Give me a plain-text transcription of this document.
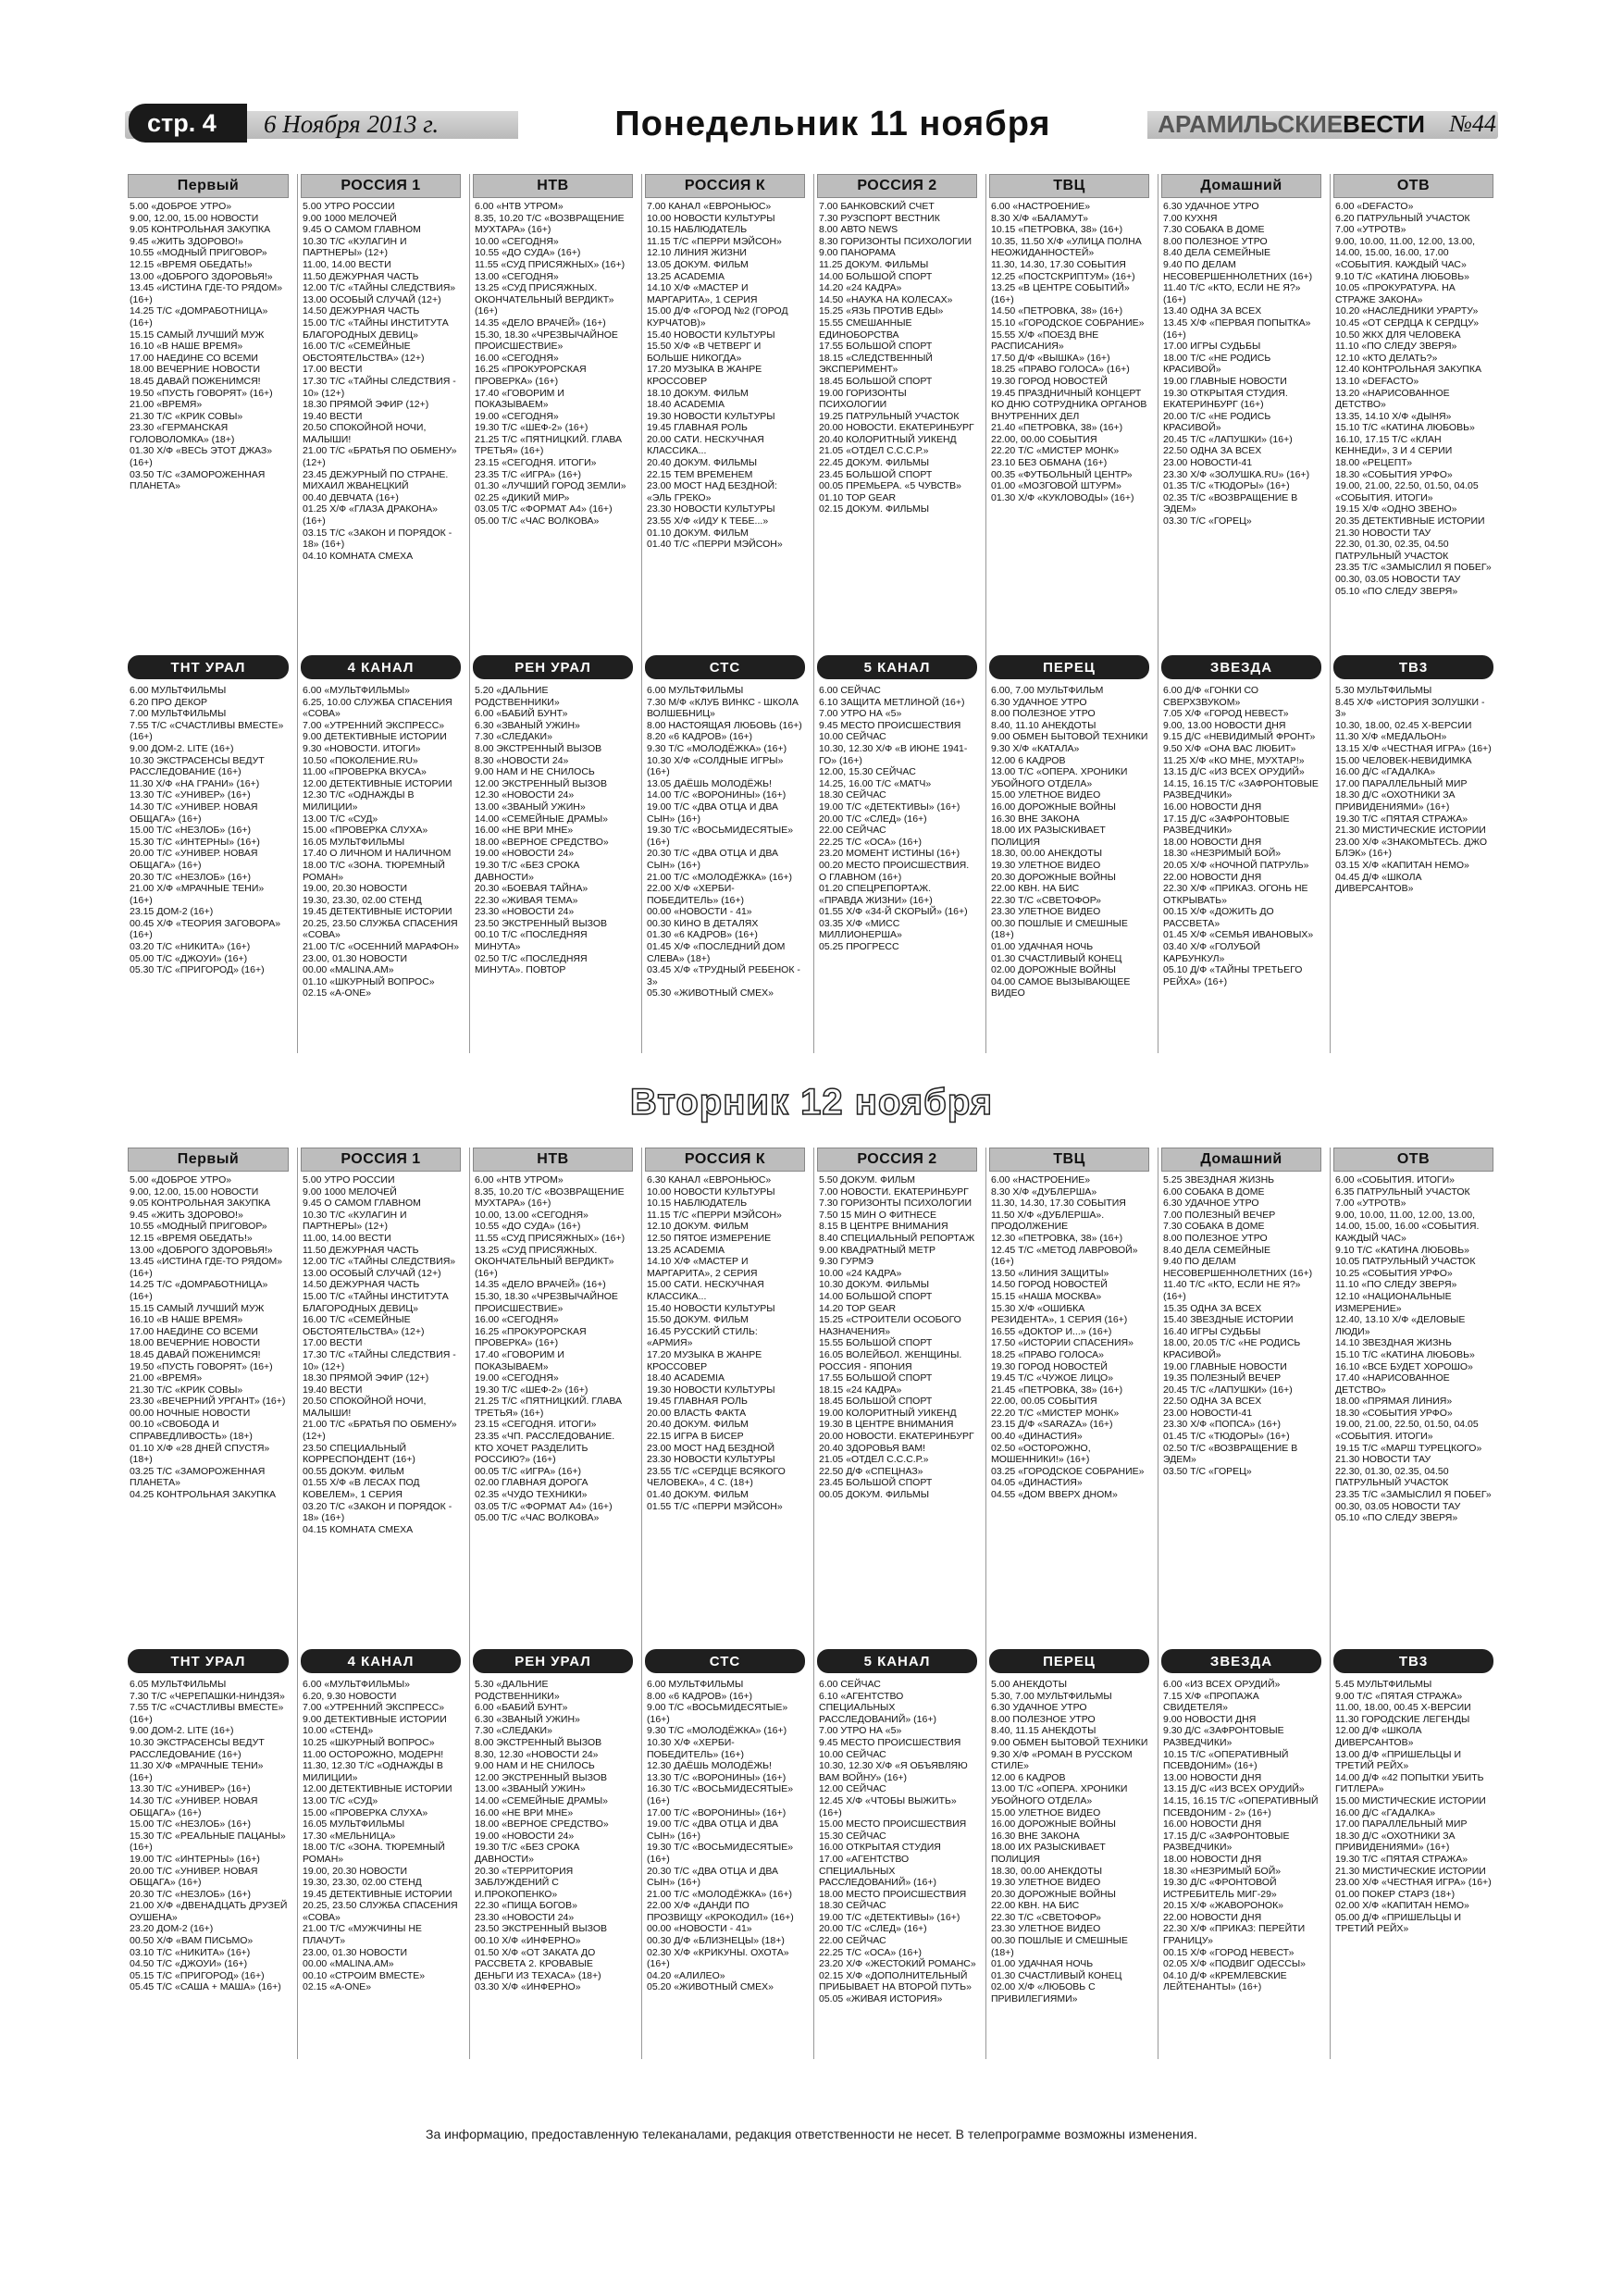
стр. 4	6 Ноября 2013 г.	Понедельник 11 ноября	АРАМИЛЬСКИЕВЕСТИ	№44
Первый
5.00 «ДОБРОЕ УТРО»
9.00, 12.00, 15.00 НОВОСТИ
9.05 КОНТРОЛЬНАЯ ЗАКУПКА
9.45 «ЖИТЬ ЗДОРОВО!»
10.55 «МОДНЫЙ ПРИГОВОР»
12.15 «ВРЕМЯ ОБЕДАТЬ!»
13.00 «ДОБРОГО ЗДОРОВЬЯ!»
13.45 «ИСТИНА ГДЕ-ТО РЯДОМ» (16+)
14.25 Т/С «ДОМРАБОТНИЦА» (16+)
15.15 САМЫЙ ЛУЧШИЙ МУЖ
16.10 «В НАШЕ ВРЕМЯ»
17.00 НАЕДИНЕ СО ВСЕМИ
18.00 ВЕЧЕРНИЕ НОВОСТИ
18.45 ДАВАЙ ПОЖЕНИМСЯ!
19.50 «ПУСТЬ ГОВОРЯТ» (16+)
21.00 «ВРЕМЯ»
21.30 Т/С «КРИК СОВЫ»
23.30 «ГЕРМАНСКАЯ ГОЛОВОЛОМКА» (18+)
01.30 Х/Ф «ВЕСЬ ЭТОТ ДЖАЗ» (16+)
03.50 Т/С «ЗАМОРОЖЕННАЯ ПЛАНЕТА»
ТНТ УРАЛ
6.00 МУЛЬТФИЛЬМЫ
6.20 ПРО ДЕКОР
7.00 МУЛЬТФИЛЬМЫ
7.55 Т/С «СЧАСТЛИВЫ ВМЕСТЕ» (16+)
9.00 ДОМ-2. LITE (16+)
10.30 ЭКСТРАСЕНСЫ ВЕДУТ РАССЛЕДОВАНИЕ (16+)
11.30 Х/Ф «НА ГРАНИ» (16+)
13.30 Т/С «УНИВЕР» (16+)
14.30 Т/С «УНИВЕР. НОВАЯ ОБЩАГА» (16+)
15.00 Т/С «НЕЗЛОБ» (16+)
15.30 Т/С «ИНТЕРНЫ» (16+)
20.00 Т/С «УНИВЕР. НОВАЯ ОБЩАГА» (16+)
20.30 Т/С «НЕЗЛОБ» (16+)
21.00 Х/Ф «МРАЧНЫЕ ТЕНИ» (16+)
23.15 ДОМ-2 (16+)
00.45 Х/Ф «ТЕОРИЯ ЗАГОВОРА» (16+)
03.20 Т/С «НИКИТА» (16+)
05.00 Т/С «ДЖОУИ» (16+)
05.30 Т/С «ПРИГОРОД» (16+)
РОССИЯ 1
5.00 УТРО РОССИИ
9.00 1000 МЕЛОЧЕЙ
9.45 О САМОМ ГЛАВНОМ
10.30 Т/С «КУЛАГИН И ПАРТНЕРЫ» (12+)
11.00, 14.00 ВЕСТИ
11.50 ДЕЖУРНАЯ ЧАСТЬ
12.00 Т/С «ТАЙНЫ СЛЕДСТВИЯ»
13.00 ОСОБЫЙ СЛУЧАЙ (12+)
14.50 ДЕЖУРНАЯ ЧАСТЬ
15.00 Т/С «ТАЙНЫ ИНСТИТУТА БЛАГОРОДНЫХ ДЕВИЦ»
16.00 Т/С «СЕМЕЙНЫЕ ОБСТОЯТЕЛЬСТВА» (12+)
17.00 ВЕСТИ
17.30 Т/С «ТАЙНЫ СЛЕДСТВИЯ - 10» (12+)
18.30 ПРЯМОЙ ЭФИР (12+)
19.40 ВЕСТИ
20.50 СПОКОЙНОЙ НОЧИ, МАЛЫШИ!
21.00 Т/С «БРАТЬЯ ПО ОБМЕНУ» (12+)
23.45 ДЕЖУРНЫЙ ПО СТРАНЕ. МИХАИЛ ЖВАНЕЦКИЙ
00.40 ДЕВЧАТА (16+)
01.25 Х/Ф «ГЛАЗА ДРАКОНА» (16+)
03.15 Т/С «ЗАКОН И ПОРЯДОК - 18» (16+)
04.10 КОМНАТА СМЕХА
4 КАНАЛ
6.00 «МУЛЬТФИЛЬМЫ»
6.25, 10.00 СЛУЖБА СПАСЕНИЯ «СОВА»
7.00 «УТРЕННИЙ ЭКСПРЕСС»
9.00 ДЕТЕКТИВНЫЕ ИСТОРИИ
9.30 «НОВОСТИ. ИТОГИ»
10.50 «ПОКОЛЕНИЕ.RU»
11.00 «ПРОВЕРКА ВКУСА»
12.00 ДЕТЕКТИВНЫЕ ИСТОРИИ
12.30 Т/С «ОДНАЖДЫ В МИЛИЦИИ»
13.00 Т/С «СУД»
15.00 «ПРОВЕРКА СЛУХА»
16.05 МУЛЬТФИЛЬМЫ
17.40 О ЛИЧНОМ И НАЛИЧНОМ
18.00 Т/С «ЗОНА. ТЮРЕМНЫЙ РОМАН»
19.00, 20.30 НОВОСТИ
19.30, 23.30, 02.00 СТЕНД
19.45 ДЕТЕКТИВНЫЕ ИСТОРИИ
20.25, 23.50 СЛУЖБА СПАСЕНИЯ «СОВА»
21.00 Т/С «ОСЕННИЙ МАРАФОН»
23.00, 01.30 НОВОСТИ
00.00 «MALINA.AM»
01.10 «ШКУРНЫЙ ВОПРОС»
02.15 «A-ONE»
НТВ
6.00 «НТВ УТРОМ»
8.35, 10.20 Т/С «ВОЗВРАЩЕНИЕ МУХТАРА» (16+)
10.00 «СЕГОДНЯ»
10.55 «ДО СУДА» (16+)
11.55 «СУД ПРИСЯЖНЫХ» (16+)
13.00 «СЕГОДНЯ»
13.25 «СУД ПРИСЯЖНЫХ. ОКОНЧАТЕЛЬНЫЙ ВЕРДИКТ» (16+)
14.35 «ДЕЛО ВРАЧЕЙ» (16+)
15.30, 18.30 «ЧРЕЗВЫЧАЙНОЕ ПРОИСШЕСТВИЕ»
16.00 «СЕГОДНЯ»
16.25 «ПРОКУРОРСКАЯ ПРОВЕРКА» (16+)
17.40 «ГОВОРИМ И ПОКАЗЫВАЕМ»
19.00 «СЕГОДНЯ»
19.30 Т/С «ШЕФ-2» (16+)
21.25 Т/С «ПЯТНИЦКИЙ. ГЛАВА ТРЕТЬЯ» (16+)
23.15 «СЕГОДНЯ. ИТОГИ»
23.35 Т/С «ИГРА» (16+)
01.30 «ЛУЧШИЙ ГОРОД ЗЕМЛИ»
02.25 «ДИКИЙ МИР»
03.05 Т/С «ФОРМАТ А4» (16+)
05.00 Т/С «ЧАС ВОЛКОВА»
РЕН УРАЛ
5.20 «ДАЛЬНИЕ РОДСТВЕННИКИ»
6.00 «БАБИЙ БУНТ»
6.30 «ЗВАНЫЙ УЖИН»
7.30 «СЛЕДАКИ»
8.00 ЭКСТРЕННЫЙ ВЫЗОВ
8.30 «НОВОСТИ 24»
9.00 НАМ И НЕ СНИЛОСЬ
12.00 ЭКСТРЕННЫЙ ВЫЗОВ
12.30 «НОВОСТИ 24»
13.00 «ЗВАНЫЙ УЖИН»
14.00 «СЕМЕЙНЫЕ ДРАМЫ»
16.00 «НЕ ВРИ МНЕ»
18.00 «ВЕРНОЕ СРЕДСТВО»
19.00 «НОВОСТИ 24»
19.30 Т/С «БЕЗ СРОКА ДАВНОСТИ»
20.30 «БОЕВАЯ ТАЙНА»
22.30 «ЖИВАЯ ТЕМА»
23.30 «НОВОСТИ 24»
23.50 ЭКСТРЕННЫЙ ВЫЗОВ
00.10 Т/С «ПОСЛЕДНЯЯ МИНУТА»
02.50 Т/С «ПОСЛЕДНЯЯ МИНУТА». ПОВТОР
РОССИЯ К
7.00 КАНАЛ «ЕВРОНЬЮС»
10.00 НОВОСТИ КУЛЬТУРЫ
10.15 НАБЛЮДАТЕЛЬ
11.15 Т/С «ПЕРРИ МЭЙСОН»
12.10 ЛИНИЯ ЖИЗНИ
13.05 ДОКУМ. ФИЛЬМ
13.25 ACADEMIA
14.10 Х/Ф «МАСТЕР И МАРГАРИТА», 1 СЕРИЯ
15.00 Д/Ф «ГОРОД №2 (ГОРОД КУРЧАТОВ)»
15.40 НОВОСТИ КУЛЬТУРЫ
15.50 Х/Ф «В ЧЕТВЕРГ И БОЛЬШЕ НИКОГДА»
17.20 МУЗЫКА В ЖАНРЕ КРОССОВЕР
18.10 ДОКУМ. ФИЛЬМ
18.40 ACADEMIA
19.30 НОВОСТИ КУЛЬТУРЫ
19.45 ГЛАВНАЯ РОЛЬ
20.00 САТИ. НЕСКУЧНАЯ КЛАССИКА...
20.40 ДОКУМ. ФИЛЬМЫ
22.15 ТЕМ ВРЕМЕНЕМ
23.00 МОСТ НАД БЕЗДНОЙ: «ЭЛЬ ГРЕКО»
23.30 НОВОСТИ КУЛЬТУРЫ
23.55 Х/Ф «ИДУ К ТЕБЕ...»
01.10 ДОКУМ. ФИЛЬМ
01.40 Т/С «ПЕРРИ МЭЙСОН»
СТС
6.00 МУЛЬТФИЛЬМЫ
7.30 М/Ф «КЛУБ ВИНКС - ШКОЛА ВОЛШЕБНИЦ»
8.00 НАСТОЯЩАЯ ЛЮБОВЬ (16+)
8.20 «6 КАДРОВ» (16+)
9.30 Т/С «МОЛОДЁЖКА» (16+)
10.30 Х/Ф «СОЛДНЫЕ ИГРЫ» (16+)
13.05 ДАЁШЬ МОЛОДЁЖЬ!
14.00 Т/С «ВОРОНИНЫ» (16+)
19.00 Т/С «ДВА ОТЦА И ДВА СЫН» (16+)
19.30 Т/С «ВОСЬМИДЕСЯТЫЕ» (16+)
20.30 Т/С «ДВА ОТЦА И ДВА СЫН» (16+)
21.00 Т/С «МОЛОДЁЖКА» (16+)
22.00 Х/Ф «ХЕРБИ-ПОБЕДИТЕЛЬ» (16+)
00.00 «НОВОСТИ - 41»
00.30 КИНО В ДЕТАЛЯХ
01.30 «6 КАДРОВ» (16+)
01.45 Х/Ф «ПОСЛЕДНИЙ ДОМ СЛЕВА» (18+)
03.45 Х/Ф «ТРУДНЫЙ РЕБЕНОК - 3»
05.30 «ЖИВОТНЫЙ СМЕХ»
РОССИЯ 2
7.00 БАНКОВСКИЙ СЧЕТ
7.30 РУЗСПОРТ ВЕСТНИК
8.00 АВТО NEWS
8.30 ГОРИЗОНТЫ ПСИХОЛОГИИ
9.00 ПАНОРАМА
11.25 ДОКУМ. ФИЛЬМЫ
14.00 БОЛЬШОЙ СПОРТ
14.20 «24 КАДРА»
14.50 «НАУКА НА КОЛЕСАХ»
15.25 «ЯЗЬ ПРОТИВ ЕДЫ»
15.55 СМЕШАННЫЕ ЕДИНОБОРСТВА
17.55 БОЛЬШОЙ СПОРТ
18.15 «СЛЕДСТВЕННЫЙ ЭКСПЕРИМЕНТ»
18.45 БОЛЬШОЙ СПОРТ
19.00 ГОРИЗОНТЫ ПСИХОЛОГИИ
19.25 ПАТРУЛЬНЫЙ УЧАСТОК
20.00 НОВОСТИ. ЕКАТЕРИНБУРГ
20.40 КОЛОРИТНЫЙ УИКЕНД
21.05 «ОТДЕЛ С.С.С.Р.»
22.45 ДОКУМ. ФИЛЬМЫ
23.45 БОЛЬШОЙ СПОРТ
00.05 ПРЕМЬЕРА. «5 ЧУВСТВ»
01.10 TOP GEAR
02.15 ДОКУМ. ФИЛЬМЫ
5 КАНАЛ
6.00 СЕЙЧАС
6.10 ЗАЩИТА МЕТЛИНОЙ (16+)
7.00 УТРО НА «5»
9.45 МЕСТО ПРОИСШЕСТВИЯ
10.00 СЕЙЧАС
10.30, 12.30 Х/Ф «В ИЮНЕ 1941-ГО» (16+)
12.00, 15.30 СЕЙЧАС
14.25, 16.00 Т/С «МАТЧ»
18.30 СЕЙЧАС
19.00 Т/С «ДЕТЕКТИВЫ» (16+)
20.00 Т/С «СЛЕД» (16+)
22.00 СЕЙЧАС
22.25 Т/С «ОСА» (16+)
23.20 МОМЕНТ ИСТИНЫ (16+)
00.20 МЕСТО ПРОИСШЕСТВИЯ. О ГЛАВНОМ (16+)
01.20 СПЕЦРЕПОРТАЖ. «ПРАВДА ЖИЗНИ» (16+)
01.55 Х/Ф «34-Й СКОРЫЙ» (16+)
03.35 Х/Ф «МИСС МИЛЛИОНЕРША»
05.25 ПРОГРЕСС
ТВЦ
6.00 «НАСТРОЕНИЕ»
8.30 Х/Ф «БАЛАМУТ»
10.15 «ПЕТРОВКА, 38» (16+)
10.35, 11.50 Х/Ф «УЛИЦА ПОЛНА НЕОЖИДАННОСТЕЙ»
11.30, 14.30, 17.30 СОБЫТИЯ
12.25 «ПОСТСКРИПТУМ» (16+)
13.25 «В ЦЕНТРЕ СОБЫТИЙ» (16+)
14.50 «ПЕТРОВКА, 38» (16+)
15.10 «ГОРОДСКОЕ СОБРАНИЕ»
15.55 Х/Ф «ПОЕЗД ВНЕ РАСПИСАНИЯ»
17.50 Д/Ф «ВЫШКА» (16+)
18.25 «ПРАВО ГОЛОСА» (16+)
19.30 ГОРОД НОВОСТЕЙ
19.45 ПРАЗДНИЧНЫЙ КОНЦЕРТ КО ДНЮ СОТРУДНИКА ОРГАНОВ ВНУТРЕННИХ ДЕЛ
21.40 «ПЕТРОВКА, 38» (16+)
22.00, 00.00 СОБЫТИЯ
22.20 Т/С «МИСТЕР МОНК»
23.10 БЕЗ ОБМАНА (16+)
00.35 «ФУТБОЛЬНЫЙ ЦЕНТР»
01.00 «МОЗГОВОЙ ШТУРМ»
01.30 Х/Ф «КУКЛОВОДЫ» (16+)
ПЕРЕЦ
6.00, 7.00 МУЛЬТФИЛЬМ
6.30 УДАЧНОЕ УТРО
8.00 ПОЛЕЗНОЕ УТРО
8.40, 11.10 АНЕКДОТЫ
9.00 ОБМЕН БЫТОВОЙ ТЕХНИКИ
9.30 Х/Ф «КАТАЛА»
12.00 6 КАДРОВ
13.00 Т/С «ОПЕРА. ХРОНИКИ УБОЙНОГО ОТДЕЛА»
15.00 УЛЕТНОЕ ВИДЕО
16.00 ДОРОЖНЫЕ ВОЙНЫ
16.30 ВНЕ ЗАКОНА
18.00 ИХ РАЗЫСКИВАЕТ ПОЛИЦИЯ
18.30, 00.00 АНЕКДОТЫ
19.30 УЛЕТНОЕ ВИДЕО
20.30 ДОРОЖНЫЕ ВОЙНЫ
22.00 КВН. НА БИС
22.30 Т/С «СВЕТОФОР»
23.30 УЛЕТНОЕ ВИДЕО
00.30 ПОШЛЫЕ И СМЕШНЫЕ (18+)
01.00 УДАЧНАЯ НОЧЬ
01.30 СЧАСТЛИВЫЙ КОНЕЦ
02.00 ДОРОЖНЫЕ ВОЙНЫ
04.00 САМОЕ ВЫЗЫВАЮЩЕЕ ВИДЕО
Домашний
6.30 УДАЧНОЕ УТРО
7.00 КУХНЯ
7.30 СОБАКА В ДОМЕ
8.00 ПОЛЕЗНОЕ УТРО
8.40 ДЕЛА СЕМЕЙНЫЕ
9.40 ПО ДЕЛАМ НЕСОВЕРШЕННОЛЕТНИХ (16+)
11.40 Т/С «КТО, ЕСЛИ НЕ Я?» (16+)
13.40 ОДНА ЗА ВСЕХ
13.45 Х/Ф «ПЕРВАЯ ПОПЫТКА» (16+)
17.00 ИГРЫ СУДЬБЫ
18.00 Т/С «НЕ РОДИСЬ КРАСИВОЙ»
19.00 ГЛАВНЫЕ НОВОСТИ
19.30 ОТКРЫТАЯ СТУДИЯ. ЕКАТЕРИНБУРГ (16+)
20.00 Т/С «НЕ РОДИСЬ КРАСИВОЙ»
20.45 Т/С «ЛАПУШКИ» (16+)
22.50 ОДНА ЗА ВСЕХ
23.00 НОВОСТИ-41
23.30 Х/Ф «ЗОЛУШКА.RU» (16+)
01.35 Т/С «ТЮДОРЫ» (16+)
02.35 Т/С «ВОЗВРАЩЕНИЕ В ЭДЕМ»
03.30 Т/С «ГОРЕЦ»
ЗВЕЗДА
6.00 Д/Ф «ГОНКИ СО СВЕРХЗВУКОМ»
7.05 Х/Ф «ГОРОД НЕВЕСТ»
9.00, 13.00 НОВОСТИ ДНЯ
9.15 Д/С «НЕВИДИМЫЙ ФРОНТ»
9.50 Х/Ф «ОНА ВАС ЛЮБИТ»
11.25 Х/Ф «КО МНЕ, МУХТАР!»
13.15 Д/С «ИЗ ВСЕХ ОРУДИЙ»
14.15, 16.15 Т/С «ЗАФРОНТОВЫЕ РАЗВЕДЧИКИ»
16.00 НОВОСТИ ДНЯ
17.15 Д/С «ЗАФРОНТОВЫЕ РАЗВЕДЧИКИ»
18.00 НОВОСТИ ДНЯ
18.30 «НЕЗРИМЫЙ БОЙ»
20.05 Х/Ф «НОЧНОЙ ПАТРУЛЬ»
22.00 НОВОСТИ ДНЯ
22.30 Х/Ф «ПРИКАЗ. ОГОНЬ НЕ ОТКРЫВАТЬ»
00.15 Х/Ф «ДОЖИТЬ ДО РАССВЕТА»
01.45 Х/Ф «СЕМЬЯ ИВАНОВЫХ»
03.40 Х/Ф «ГОЛУБОЙ КАРБУНКУЛ»
05.10 Д/Ф «ТАЙНЫ ТРЕТЬЕГО РЕЙХА» (16+)
ОТВ
6.00 «DEFACTO»
6.20 ПАТРУЛЬНЫЙ УЧАСТОК
7.00 «УТРОТВ»
9.00, 10.00, 11.00, 12.00, 13.00, 14.00, 15.00, 16.00, 17.00 «СОБЫТИЯ. КАЖДЫЙ ЧАС»
9.10 Т/С «КАТИНА ЛЮБОВЬ»
10.05 «ПРОКУРАТУРА. НА СТРАЖЕ ЗАКОНА»
10.20 «НАСЛЕДНИКИ УРАРТУ»
10.45 «ОТ СЕРДЦА К СЕРДЦУ»
10.50 ЖКХ ДЛЯ ЧЕЛОВЕКА
11.10 «ПО СЛЕДУ ЗВЕРЯ»
12.10 «КТО ДЕЛАТЬ?»
12.40 КОНТРОЛЬНАЯ ЗАКУПКА
13.10 «DEFACTO»
13.20 «НАРИСОВАННОЕ ДЕТСТВО»
13.35, 14.10 Х/Ф «ДЫНЯ»
15.10 Т/С «КАТИНА ЛЮБОВЬ»
16.10, 17.15 Т/С «КЛАН КЕННЕДИ», 3 И 4 СЕРИИ
18.00 «РЕЦЕПТ»
18.30 «СОБЫТИЯ УРФО»
19.00, 21.00, 22.50, 01.50, 04.05 «СОБЫТИЯ. ИТОГИ»
19.15 Х/Ф «ОДНО ЗВЕНО»
20.35 ДЕТЕКТИВНЫЕ ИСТОРИИ
21.30 НОВОСТИ ТАУ
22.30, 01.30, 02.35, 04.50 ПАТРУЛЬНЫЙ УЧАСТОК
23.35 Т/С «ЗАМЫСЛИЛ Я ПОБЕГ»
00.30, 03.05 НОВОСТИ ТАУ
05.10 «ПО СЛЕДУ ЗВЕРЯ»
ТВ3
5.30 МУЛЬТФИЛЬМЫ
8.45 Х/Ф «ИСТОРИЯ ЗОЛУШКИ - 3»
10.30, 18.00, 02.45 Х-ВЕРСИИ
11.30 Х/Ф «МЕДАЛЬОН»
13.15 Х/Ф «ЧЕСТНАЯ ИГРА» (16+)
15.00 ЧЕЛОВЕК-НЕВИДИМКА
16.00 Д/С «ГАДАЛКА»
17.00 ПАРАЛЛЕЛЬНЫЙ МИР
18.30 Д/С «ОХОТНИКИ ЗА ПРИВИДЕНИЯМИ» (16+)
19.30 Т/С «ПЯТАЯ СТРАЖА»
21.30 МИСТИЧЕСКИЕ ИСТОРИИ
23.00 Х/Ф «ЗНАКОМЬТЕСЬ. ДЖО БЛЭК» (16+)
03.15 Х/Ф «КАПИТАН НЕМО»
04.45 Д/Ф «ШКОЛА ДИВЕРСАНТОВ»
Вторник 12 ноября
Первый
5.00 «ДОБРОЕ УТРО»
9.00, 12.00, 15.00 НОВОСТИ
9.05 КОНТРОЛЬНАЯ ЗАКУПКА
9.45 «ЖИТЬ ЗДОРОВО!»
10.55 «МОДНЫЙ ПРИГОВОР»
12.15 «ВРЕМЯ ОБЕДАТЬ!»
13.00 «ДОБРОГО ЗДОРОВЬЯ!»
13.45 «ИСТИНА ГДЕ-ТО РЯДОМ» (16+)
14.25 Т/С «ДОМРАБОТНИЦА» (16+)
15.15 САМЫЙ ЛУЧШИЙ МУЖ
16.10 «В НАШЕ ВРЕМЯ»
17.00 НАЕДИНЕ СО ВСЕМИ
18.00 ВЕЧЕРНИЕ НОВОСТИ
18.45 ДАВАЙ ПОЖЕНИМСЯ!
19.50 «ПУСТЬ ГОВОРЯТ» (16+)
21.00 «ВРЕМЯ»
21.30 Т/С «КРИК СОВЫ»
23.30 «ВЕЧЕРНИЙ УРГАНТ» (16+)
00.00 НОЧНЫЕ НОВОСТИ
00.10 «СВОБОДА И СПРАВЕДЛИВОСТЬ» (18+)
01.10 Х/Ф «28 ДНЕЙ СПУСТЯ» (18+)
03.25 Т/С «ЗАМОРОЖЕННАЯ ПЛАНЕТА»
04.25 КОНТРОЛЬНАЯ ЗАКУПКА
ТНТ УРАЛ
6.05 МУЛЬТФИЛЬМЫ
7.30 Т/С «ЧЕРЕПАШКИ-НИНДЗЯ»
7.55 Т/С «СЧАСТЛИВЫ ВМЕСТЕ» (16+)
9.00 ДОМ-2. LITE (16+)
10.30 ЭКСТРАСЕНСЫ ВЕДУТ РАССЛЕДОВАНИЕ (16+)
11.30 Х/Ф «МРАЧНЫЕ ТЕНИ» (16+)
13.30 Т/С «УНИВЕР» (16+)
14.30 Т/С «УНИВЕР. НОВАЯ ОБЩАГА» (16+)
15.00 Т/С «НЕЗЛОБ» (16+)
15.30 Т/С «РЕАЛЬНЫЕ ПАЦАНЫ» (16+)
19.00 Т/С «ИНТЕРНЫ» (16+)
20.00 Т/С «УНИВЕР. НОВАЯ ОБЩАГА» (16+)
20.30 Т/С «НЕЗЛОБ» (16+)
21.00 Х/Ф «ДВЕНАДЦАТЬ ДРУЗЕЙ ОУШЕНА»
23.20 ДОМ-2 (16+)
00.50 Х/Ф «ВАМ ПИСЬМО»
03.10 Т/С «НИКИТА» (16+)
04.50 Т/С «ДЖОУИ» (16+)
05.15 Т/С «ПРИГОРОД» (16+)
05.45 Т/С «САША + МАША» (16+)
РОССИЯ 1
5.00 УТРО РОССИИ
9.00 1000 МЕЛОЧЕЙ
9.45 О САМОМ ГЛАВНОМ
10.30 Т/С «КУЛАГИН И ПАРТНЕРЫ» (12+)
11.00, 14.00 ВЕСТИ
11.50 ДЕЖУРНАЯ ЧАСТЬ
12.00 Т/С «ТАЙНЫ СЛЕДСТВИЯ»
13.00 ОСОБЫЙ СЛУЧАЙ (12+)
14.50 ДЕЖУРНАЯ ЧАСТЬ
15.00 Т/С «ТАЙНЫ ИНСТИТУТА БЛАГОРОДНЫХ ДЕВИЦ»
16.00 Т/С «СЕМЕЙНЫЕ ОБСТОЯТЕЛЬСТВА» (12+)
17.00 ВЕСТИ
17.30 Т/С «ТАЙНЫ СЛЕДСТВИЯ - 10» (12+)
18.30 ПРЯМОЙ ЭФИР (12+)
19.40 ВЕСТИ
20.50 СПОКОЙНОЙ НОЧИ, МАЛЫШИ!
21.00 Т/С «БРАТЬЯ ПО ОБМЕНУ» (12+)
23.50 СПЕЦИАЛЬНЫЙ КОРРЕСПОНДЕНТ (16+)
00.55 ДОКУМ. ФИЛЬМ
01.55 Х/Ф «В ЛЕСАХ ПОД КОВЕЛЕМ», 1 СЕРИЯ
03.20 Т/С «ЗАКОН И ПОРЯДОК - 18» (16+)
04.15 КОМНАТА СМЕХА
4 КАНАЛ
6.00 «МУЛЬТФИЛЬМЫ»
6.20, 9.30 НОВОСТИ
7.00 «УТРЕННИЙ ЭКСПРЕСС»
9.00 ДЕТЕКТИВНЫЕ ИСТОРИИ
10.00 «СТЕНД»
10.25 «ШКУРНЫЙ ВОПРОС»
11.00 ОСТОРОЖНО, МОДЕРН!
11.30, 12.30 Т/С «ОДНАЖДЫ В МИЛИЦИИ»
12.00 ДЕТЕКТИВНЫЕ ИСТОРИИ
13.00 Т/С «СУД»
15.00 «ПРОВЕРКА СЛУХА»
16.05 МУЛЬТФИЛЬМЫ
17.30 «МЕЛЬНИЦА»
18.00 Т/С «ЗОНА. ТЮРЕМНЫЙ РОМАН»
19.00, 20.30 НОВОСТИ
19.30, 23.30, 02.00 СТЕНД
19.45 ДЕТЕКТИВНЫЕ ИСТОРИИ
20.25, 23.50 СЛУЖБА СПАСЕНИЯ «СОВА»
21.00 Т/С «МУЖЧИНЫ НЕ ПЛАЧУТ»
23.00, 01.30 НОВОСТИ
00.00 «MALINA.AM»
00.10 «СТРОИМ ВМЕСТЕ»
02.15 «A-ONE»
НТВ
6.00 «НТВ УТРОМ»
8.35, 10.20 Т/С «ВОЗВРАЩЕНИЕ МУХТАРА» (16+)
10.00, 13.00 «СЕГОДНЯ»
10.55 «ДО СУДА» (16+)
11.55 «СУД ПРИСЯЖНЫХ» (16+)
13.25 «СУД ПРИСЯЖНЫХ. ОКОНЧАТЕЛЬНЫЙ ВЕРДИКТ» (16+)
14.35 «ДЕЛО ВРАЧЕЙ» (16+)
15.30, 18.30 «ЧРЕЗВЫЧАЙНОЕ ПРОИСШЕСТВИЕ»
16.00 «СЕГОДНЯ»
16.25 «ПРОКУРОРСКАЯ ПРОВЕРКА» (16+)
17.40 «ГОВОРИМ И ПОКАЗЫВАЕМ»
19.00 «СЕГОДНЯ»
19.30 Т/С «ШЕФ-2» (16+)
21.25 Т/С «ПЯТНИЦКИЙ. ГЛАВА ТРЕТЬЯ» (16+)
23.15 «СЕГОДНЯ. ИТОГИ»
23.35 «ЧП. РАССЛЕДОВАНИЕ. КТО ХОЧЕТ РАЗДЕЛИТЬ РОССИЮ?» (16+)
00.05 Т/С «ИГРА» (16+)
02.00 ГЛАВНАЯ ДОРОГА
02.35 «ЧУДО ТЕХНИКИ»
03.05 Т/С «ФОРМАТ А4» (16+)
05.00 Т/С «ЧАС ВОЛКОВА»
РЕН УРАЛ
5.30 «ДАЛЬНИЕ РОДСТВЕННИКИ»
6.00 «БАБИЙ БУНТ»
6.30 «ЗВАНЫЙ УЖИН»
7.30 «СЛЕДАКИ»
8.00 ЭКСТРЕННЫЙ ВЫЗОВ
8.30, 12.30 «НОВОСТИ 24»
9.00 НАМ И НЕ СНИЛОСЬ
12.00 ЭКСТРЕННЫЙ ВЫЗОВ
13.00 «ЗВАНЫЙ УЖИН»
14.00 «СЕМЕЙНЫЕ ДРАМЫ»
16.00 «НЕ ВРИ МНЕ»
18.00 «ВЕРНОЕ СРЕДСТВО»
19.00 «НОВОСТИ 24»
19.30 Т/С «БЕЗ СРОКА ДАВНОСТИ»
20.30 «ТЕРРИТОРИЯ ЗАБЛУЖДЕНИЙ С И.ПРОКОПЕНКО»
22.30 «ПИЩА БОГОВ»
23.30 «НОВОСТИ 24»
23.50 ЭКСТРЕННЫЙ ВЫЗОВ
00.10 Х/Ф «ИНФЕРНО»
01.50 Х/Ф «ОТ ЗАКАТА ДО РАССВЕТА 2. КРОВАВЫЕ ДЕНЬГИ ИЗ ТЕХАСА» (18+)
03.30 Х/Ф «ИНФЕРНО»
РОССИЯ К
6.30 КАНАЛ «ЕВРОНЬЮС»
10.00 НОВОСТИ КУЛЬТУРЫ
10.15 НАБЛЮДАТЕЛЬ
11.15 Т/С «ПЕРРИ МЭЙСОН»
12.10 ДОКУМ. ФИЛЬМ
12.50 ПЯТОЕ ИЗМЕРЕНИЕ
13.25 ACADEMIA
14.10 Х/Ф «МАСТЕР И МАРГАРИТА», 2 СЕРИЯ
15.00 САТИ. НЕСКУЧНАЯ КЛАССИКА...
15.40 НОВОСТИ КУЛЬТУРЫ
15.50 ДОКУМ. ФИЛЬМ
16.45 РУССКИЙ СТИЛЬ: «АРМИЯ»
17.20 МУЗЫКА В ЖАНРЕ КРОССОВЕР
18.40 ACADEMIA
19.30 НОВОСТИ КУЛЬТУРЫ
19.45 ГЛАВНАЯ РОЛЬ
20.00 ВЛАСТЬ ФАКТА
20.40 ДОКУМ. ФИЛЬМ
22.15 ИГРА В БИСЕР
23.00 МОСТ НАД БЕЗДНОЙ
23.30 НОВОСТИ КУЛЬТУРЫ
23.55 Т/С «СЕРДЦЕ ВСЯКОГО ЧЕЛОВЕКА», 4 С. (18+)
01.40 ДОКУМ. ФИЛЬМ
01.55 Т/С «ПЕРРИ МЭЙСОН»
СТС
6.00 МУЛЬТФИЛЬМЫ
8.00 «6 КАДРОВ» (16+)
9.00 Т/С «ВОСЬМИДЕСЯТЫЕ» (16+)
9.30 Т/С «МОЛОДЁЖКА» (16+)
10.30 Х/Ф «ХЕРБИ-ПОБЕДИТЕЛЬ» (16+)
12.30 ДАЁШЬ МОЛОДЁЖЬ!
13.30 Т/С «ВОРОНИНЫ» (16+)
16.30 Т/С «ВОСЬМИДЕСЯТЫЕ» (16+)
17.00 Т/С «ВОРОНИНЫ» (16+)
19.00 Т/С «ДВА ОТЦА И ДВА СЫН» (16+)
19.30 Т/С «ВОСЬМИДЕСЯТЫЕ» (16+)
20.30 Т/С «ДВА ОТЦА И ДВА СЫН» (16+)
21.00 Т/С «МОЛОДЁЖКА» (16+)
22.00 Х/Ф «ДАНДИ ПО ПРОЗВИЩУ «КРОКОДИЛ» (16+)
00.00 «НОВОСТИ - 41»
00.30 Д/Ф «БЛИЗНЕЦЫ» (18+)
02.30 Х/Ф «КРИКУНЫ. ОХОТА» (16+)
04.20 «АЛИЛЕО»
05.20 «ЖИВОТНЫЙ СМЕХ»
РОССИЯ 2
5.50 ДОКУМ. ФИЛЬМ
7.00 НОВОСТИ. ЕКАТЕРИНБУРГ
7.30 ГОРИЗОНТЫ ПСИХОЛОГИИ
7.50 15 МИН О ФИТНЕСЕ
8.15 В ЦЕНТРЕ ВНИМАНИЯ
8.40 СПЕЦИАЛЬНЫЙ РЕПОРТАЖ
9.00 КВАДРАТНЫЙ МЕТР
9.30 ГУРМЭ
10.00 «24 КАДРА»
10.30 ДОКУМ. ФИЛЬМЫ
14.00 БОЛЬШОЙ СПОРТ
14.20 TOP GEAR
15.25 «СТРОИТЕЛИ ОСОБОГО НАЗНАЧЕНИЯ»
15.55 БОЛЬШОЙ СПОРТ
16.05 ВОЛЕЙБОЛ. ЖЕНЩИНЫ. РОССИЯ - ЯПОНИЯ
17.55 БОЛЬШОЙ СПОРТ
18.15 «24 КАДРА»
18.45 БОЛЬШОЙ СПОРТ
19.00 КОЛОРИТНЫЙ УИКЕНД
19.30 В ЦЕНТРЕ ВНИМАНИЯ
20.00 НОВОСТИ. ЕКАТЕРИНБУРГ
20.40 ЗДОРОВЬЯ ВАМ!
21.05 «ОТДЕЛ С.С.С.Р.»
22.50 Д/Ф «СПЕЦНАЗ»
23.45 БОЛЬШОЙ СПОРТ
00.05 ДОКУМ. ФИЛЬМЫ
5 КАНАЛ
6.00 СЕЙЧАС
6.10 «АГЕНТСТВО СПЕЦИАЛЬНЫХ РАССЛЕДОВАНИЙ» (16+)
7.00 УТРО НА «5»
9.45 МЕСТО ПРОИСШЕСТВИЯ
10.00 СЕЙЧАС
10.30, 12.30 Х/Ф «Я ОБЪЯВЛЯЮ ВАМ ВОЙНУ» (16+)
12.00 СЕЙЧАС
12.45 Х/Ф «ЧТОБЫ ВЫЖИТЬ» (16+)
15.00 МЕСТО ПРОИСШЕСТВИЯ
15.30 СЕЙЧАС
16.00 ОТКРЫТАЯ СТУДИЯ
17.00 «АГЕНТСТВО СПЕЦИАЛЬНЫХ РАССЛЕДОВАНИЙ» (16+)
18.00 МЕСТО ПРОИСШЕСТВИЯ
18.30 СЕЙЧАС
19.00 Т/С «ДЕТЕКТИВЫ» (16+)
20.00 Т/С «СЛЕД» (16+)
22.00 СЕЙЧАС
22.25 Т/С «ОСА» (16+)
23.20 Х/Ф «ЖЕСТОКИЙ РОМАНС»
02.15 Х/Ф «ДОПОЛНИТЕЛЬНЫЙ ПРИБЫВАЕТ НА ВТОРОЙ ПУТЬ»
05.05 «ЖИВАЯ ИСТОРИЯ»
ТВЦ
6.00 «НАСТРОЕНИЕ»
8.30 Х/Ф «ДУБЛЕРША»
11.30, 14.30, 17.30 СОБЫТИЯ
11.50 Х/Ф «ДУБЛЕРША». ПРОДОЛЖЕНИЕ
12.30 «ПЕТРОВКА, 38» (16+)
12.45 Т/С «МЕТОД ЛАВРОВОЙ» (16+)
13.50 «ЛИНИЯ ЗАЩИТЫ»
14.50 ГОРОД НОВОСТЕЙ
15.15 «НАША МОСКВА»
15.30 Х/Ф «ОШИБКА РЕЗИДЕНТА», 1 СЕРИЯ (16+)
16.55 «ДОКТОР И...» (16+)
17.50 «ИСТОРИИ СПАСЕНИЯ»
18.25 «ПРАВО ГОЛОСА»
19.30 ГОРОД НОВОСТЕЙ
19.45 Т/С «ЧУЖОЕ ЛИЦО»
21.45 «ПЕТРОВКА, 38» (16+)
22.00, 00.05 СОБЫТИЯ
22.20 Т/С «МИСТЕР МОНК»
23.15 Д/Ф «SARAZA» (16+)
00.40 «ДИНАСТИЯ»
02.50 «ОСТОРОЖНО, МОШЕННИКИ!» (16+)
03.25 «ГОРОДСКОЕ СОБРАНИЕ»
04.05 «ДИНАСТИЯ»
04.55 «ДОМ ВВЕРХ ДНОМ»
ПЕРЕЦ
5.00 АНЕКДОТЫ
5.30, 7.00 МУЛЬТФИЛЬМЫ
6.30 УДАЧНОЕ УТРО
8.00 ПОЛЕЗНОЕ УТРО
8.40, 11.15 АНЕКДОТЫ
9.00 ОБМЕН БЫТОВОЙ ТЕХНИКИ
9.30 Х/Ф «РОМАН В РУССКОМ СТИЛЕ»
12.00 6 КАДРОВ
13.00 Т/С «ОПЕРА. ХРОНИКИ УБОЙНОГО ОТДЕЛА»
15.00 УЛЕТНОЕ ВИДЕО
16.00 ДОРОЖНЫЕ ВОЙНЫ
16.30 ВНЕ ЗАКОНА
18.00 ИХ РАЗЫСКИВАЕТ ПОЛИЦИЯ
18.30, 00.00 АНЕКДОТЫ
19.30 УЛЕТНОЕ ВИДЕО
20.30 ДОРОЖНЫЕ ВОЙНЫ
22.00 КВН. НА БИС
22.30 Т/С «СВЕТОФОР»
23.30 УЛЕТНОЕ ВИДЕО
00.30 ПОШЛЫЕ И СМЕШНЫЕ (18+)
01.00 УДАЧНАЯ НОЧЬ
01.30 СЧАСТЛИВЫЙ КОНЕЦ
02.00 Х/Ф «ЛЮБОВЬ С ПРИВИЛЕГИЯМИ»
Домашний
5.25 ЗВЕЗДНАЯ ЖИЗНЬ
6.00 СОБАКА В ДОМЕ
6.30 УДАЧНОЕ УТРО
7.00 ПОЛЕЗНЫЙ ВЕЧЕР
7.30 СОБАКА В ДОМЕ
8.00 ПОЛЕЗНОЕ УТРО
8.40 ДЕЛА СЕМЕЙНЫЕ
9.40 ПО ДЕЛАМ НЕСОВЕРШЕННОЛЕТНИХ (16+)
11.40 Т/С «КТО, ЕСЛИ НЕ Я?» (16+)
15.35 ОДНА ЗА ВСЕХ
15.40 ЗВЕЗДНЫЕ ИСТОРИИ
16.40 ИГРЫ СУДЬБЫ
18.00, 20.05 Т/С «НЕ РОДИСЬ КРАСИВОЙ»
19.00 ГЛАВНЫЕ НОВОСТИ
19.35 ПОЛЕЗНЫЙ ВЕЧЕР
20.45 Т/С «ЛАПУШКИ» (16+)
22.50 ОДНА ЗА ВСЕХ
23.00 НОВОСТИ-41
23.30 Х/Ф «ПОПСА» (16+)
01.45 Т/С «ТЮДОРЫ» (16+)
02.50 Т/С «ВОЗВРАЩЕНИЕ В ЭДЕМ»
03.50 Т/С «ГОРЕЦ»
ЗВЕЗДА
6.00 «ИЗ ВСЕХ ОРУДИЙ»
7.15 Х/Ф «ПРОПАЖА СВИДЕТЕЛЯ»
9.00 НОВОСТИ ДНЯ
9.30 Д/С «ЗАФРОНТОВЫЕ РАЗВЕДЧИКИ»
10.15 Т/С «ОПЕРАТИВНЫЙ ПСЕВДОНИМ» (16+)
13.00 НОВОСТИ ДНЯ
13.15 Д/С «ИЗ ВСЕХ ОРУДИЙ»
14.15, 16.15 Т/С «ОПЕРАТИВНЫЙ ПСЕВДОНИМ - 2» (16+)
16.00 НОВОСТИ ДНЯ
17.15 Д/С «ЗАФРОНТОВЫЕ РАЗВЕДЧИКИ»
18.00 НОВОСТИ ДНЯ
18.30 «НЕЗРИМЫЙ БОЙ»
19.30 Д/С «ФРОНТОВОЙ ИСТРЕБИТЕЛЬ МИГ-29»
20.15 Х/Ф «ЖАВОРОНОК»
22.00 НОВОСТИ ДНЯ
22.30 Х/Ф «ПРИКАЗ: ПЕРЕЙТИ ГРАНИЦУ»
00.15 Х/Ф «ГОРОД НЕВЕСТ»
02.05 Х/Ф «ПОДВИГ ОДЕССЫ»
04.10 Д/Ф «КРЕМЛЕВСКИЕ ЛЕЙТЕНАНТЫ» (16+)
ОТВ
6.00 «СОБЫТИЯ. ИТОГИ»
6.35 ПАТРУЛЬНЫЙ УЧАСТОК
7.00 «УТРОТВ»
9.00, 10.00, 11.00, 12.00, 13.00, 14.00, 15.00, 16.00 «СОБЫТИЯ. КАЖДЫЙ ЧАС»
9.10 Т/С «КАТИНА ЛЮБОВЬ»
10.05 ПАТРУЛЬНЫЙ УЧАСТОК
10.25 «СОБЫТИЯ УРФО»
11.10 «ПО СЛЕДУ ЗВЕРЯ»
12.10 «НАЦИОНАЛЬНЫЕ ИЗМЕРЕНИЕ»
12.40, 13.10 Х/Ф «ДЕЛОВЫЕ ЛЮДИ»
14.10 ЗВЕЗДНАЯ ЖИЗНЬ
15.10 Т/С «КАТИНА ЛЮБОВЬ»
16.10 «ВСЕ БУДЕТ ХОРОШО»
17.40 «НАРИСОВАННОЕ ДЕТСТВО»
18.00 «ПРЯМАЯ ЛИНИЯ»
18.30 «СОБЫТИЯ УРФО»
19.00, 21.00, 22.50, 01.50, 04.05 «СОБЫТИЯ. ИТОГИ»
19.15 Т/С «МАРШ ТУРЕЦКОГО»
21.30 НОВОСТИ ТАУ
22.30, 01.30, 02.35, 04.50 ПАТРУЛЬНЫЙ УЧАСТОК
23.35 Т/С «ЗАМЫСЛИЛ Я ПОБЕГ»
00.30, 03.05 НОВОСТИ ТАУ
05.10 «ПО СЛЕДУ ЗВЕРЯ»
ТВ3
5.45 МУЛЬТФИЛЬМЫ
9.00 Т/С «ПЯТАЯ СТРАЖА»
11.00, 18.00, 00.45 Х-ВЕРСИИ
11.30 ГОРОДСКИЕ ЛЕГЕНДЫ
12.00 Д/Ф «ШКОЛА ДИВЕРСАНТОВ»
13.00 Д/Ф «ПРИШЕЛЬЦЫ И ТРЕТИЙ РЕЙХ»
14.00 Д/Ф «42 ПОПЫТКИ УБИТЬ ГИТЛЕРА»
15.00 МИСТИЧЕСКИЕ ИСТОРИИ
16.00 Д/С «ГАДАЛКА»
17.00 ПАРАЛЛЕЛЬНЫЙ МИР
18.30 Д/С «ОХОТНИКИ ЗА ПРИВИДЕНИЯМИ» (16+)
19.30 Т/С «ПЯТАЯ СТРАЖА»
21.30 МИСТИЧЕСКИЕ ИСТОРИИ
23.00 Х/Ф «ЧЕСТНАЯ ИГРА» (16+)
01.00 ПОКЕР СТАРЗ (18+)
02.00 Х/Ф «КАПИТАН НЕМО»
05.00 Д/Ф «ПРИШЕЛЬЦЫ И ТРЕТИЙ РЕЙХ»
За информацию, предоставленную телеканалами, редакция ответственности не несет. В телепрограмме возможны изменения.
